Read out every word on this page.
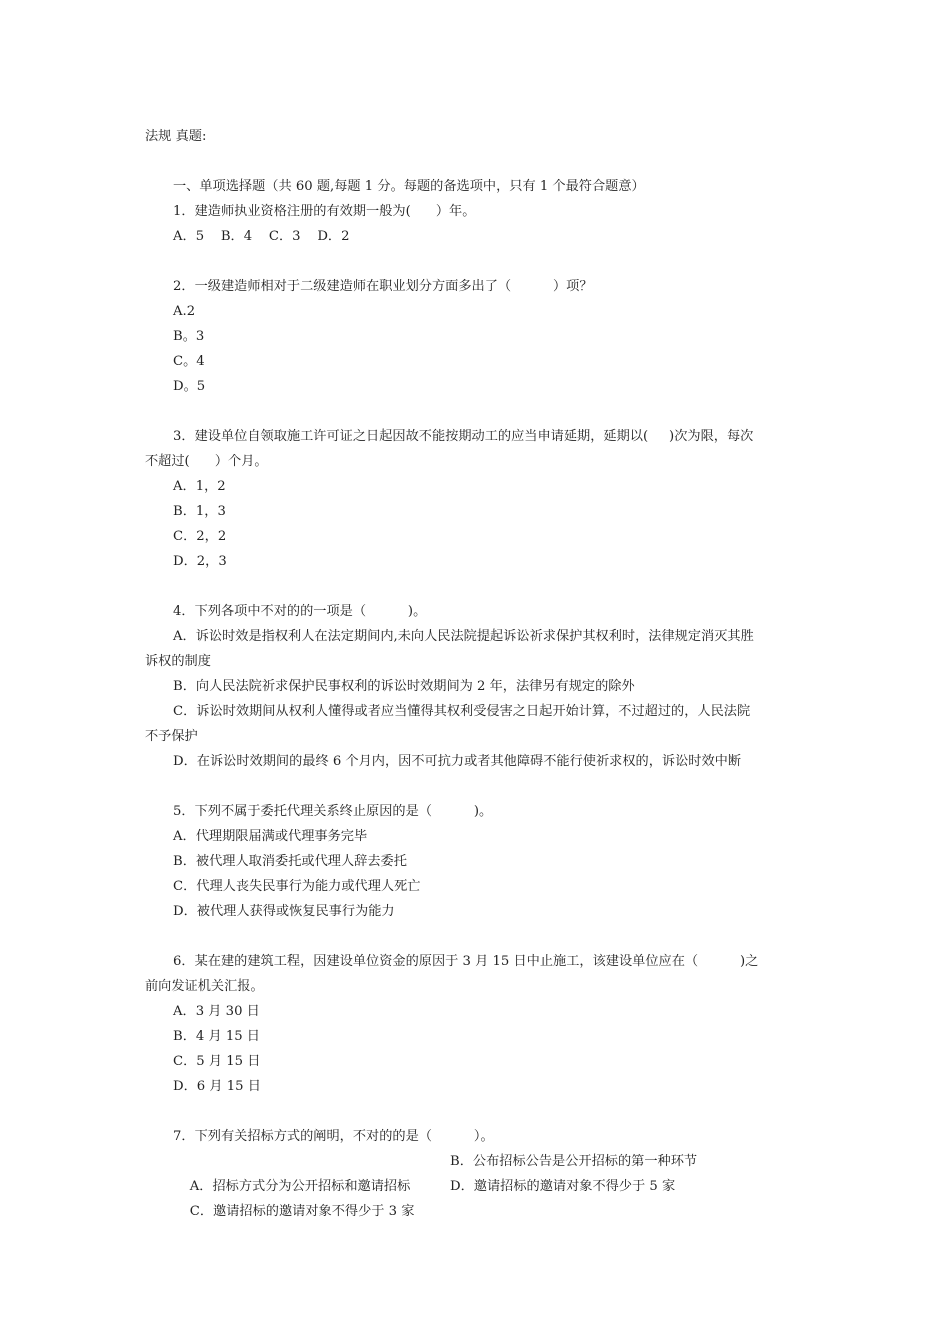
法规 真题:
一、单项选择题（共 60 题,每题 1 分。每题的备选项中，只有 1 个最符合题意）
1．建造师执业资格注册的有效期一般为(      ）年。
A．5    B．4    C．3    D．2
2．一级建造师相对于二级建造师在职业划分方面多出了（          ）项？
A.2
B。3
C。4
D。5
3．建设单位自领取施工许可证之日起因故不能按期动工的应当申请延期，延期以(     )次为限，每次
不超过(      ）个月。
A．1，2
B．1，3
C．2，2
D．2，3
4．下列各项中不对的的一项是（          )。
A．诉讼时效是指权利人在法定期间内,未向人民法院提起诉讼祈求保护其权利时，法律规定消灭其胜
诉权的制度
B．向人民法院祈求保护民事权利的诉讼时效期间为 2 年，法律另有规定的除外
C．诉讼时效期间从权利人懂得或者应当懂得其权利受侵害之日起开始计算，不过超过的，人民法院
不予保护
D．在诉讼时效期间的最终 6 个月内，因不可抗力或者其他障碍不能行使祈求权的，诉讼时效中断
5．下列不属于委托代理关系终止原因的是（          )。
A．代理期限届满或代理事务完毕
B．被代理人取消委托或代理人辞去委托
C．代理人丧失民事行为能力或代理人死亡
D．被代理人获得或恢复民事行为能力
6．某在建的建筑工程，因建设单位资金的原因于 3 月 15 日中止施工，该建设单位应在（          )之
前向发证机关汇报。
A．3 月 30 日
B．4 月 15 日
C．5 月 15 日
D．6 月 15 日
7．下列有关招标方式的阐明，不对的的是（          ）。

A．招标方式分为公开招标和邀请招标

B．公布招标公告是公开招标的第一种环节

C．邀请招标的邀请对象不得少于 3 家

D．邀请招标的邀请对象不得少于 5 家
